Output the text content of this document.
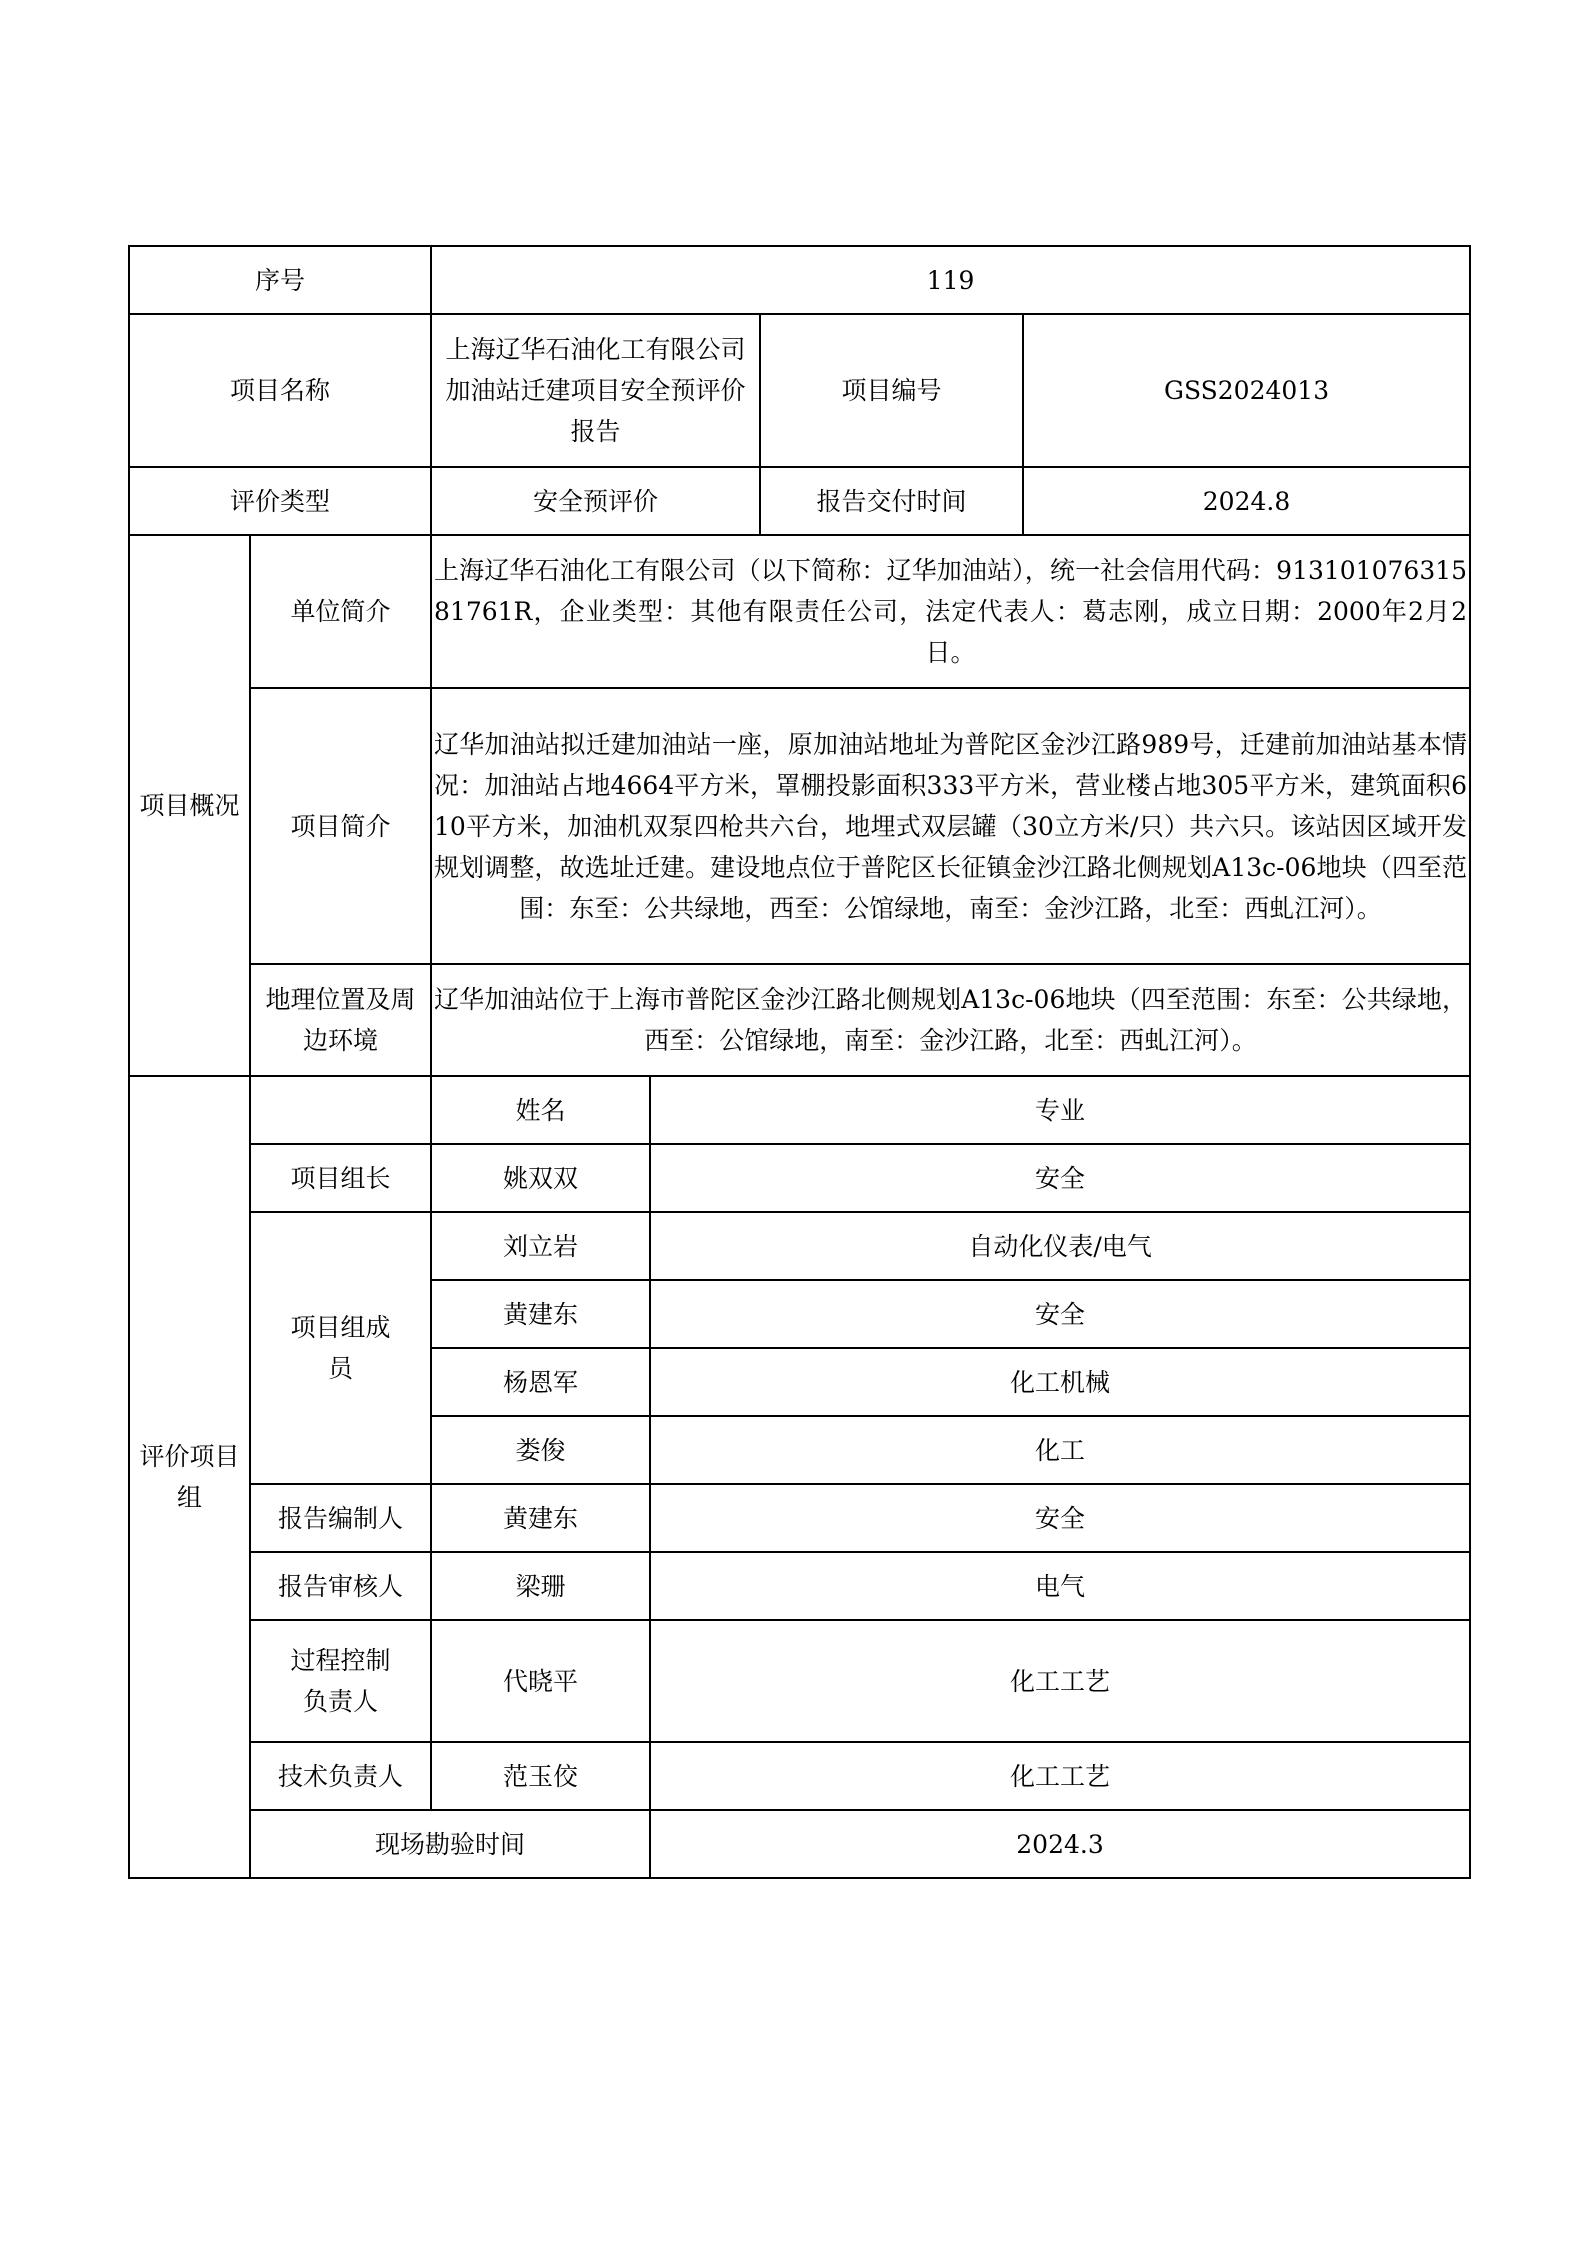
序号		119			
项目名称		上海辽华石油化工有限公司加油站迁建项目安全预评价报告		项目编号	GSS2024013
评价类型		安全预评价		报告交付时间	2024.8
项目概况	单位简介	上海辽华石油化工有限公司（以下简称：辽华加油站），统一社会信用代码：91310107631581761R，企业类型：其他有限责任公司，法定代表人：葛志刚，成立日期：2000年2月2日。			

	项目简介	辽华加油站拟迁建加油站一座，原加油站地址为普陀区金沙江路989号，迁建前加油站基本情况：加油站占地4664平方米，罩棚投影面积333平方米，营业楼占地305平方米，建筑面积610平方米，加油机双泵四枪共六台，地埋式双层罐（30立方米/只）共六只。该站因区域开发规划调整，故选址迁建。建设地点位于普陀区长征镇金沙江路北侧规划A13c-06地块（四至范围：东至：公共绿地，西至：公馆绿地，南至：金沙江路，北至：西虬江河）。			

	地理位置及周边环境	辽华加油站位于上海市普陀区金沙江路北侧规划A13c-06地块（四至范围：东至：公共绿地，西至：公馆绿地，南至：金沙江路，北至：西虬江河）。			

评价项目组		姓名	专业		
	项目组长	姚双双	安全		
	项目组成员	刘立岩	自动化仪表/电气		
		黄建东	安全		
		杨恩军	化工机械		
		娄俊	化工		
	报告编制人	黄建东	安全		
	报告审核人	梁珊	电气		
	过程控制负责人	代晓平	化工工艺		
	技术负责人	范玉佼	化工工艺		
	现场勘验时间		2024.3		
